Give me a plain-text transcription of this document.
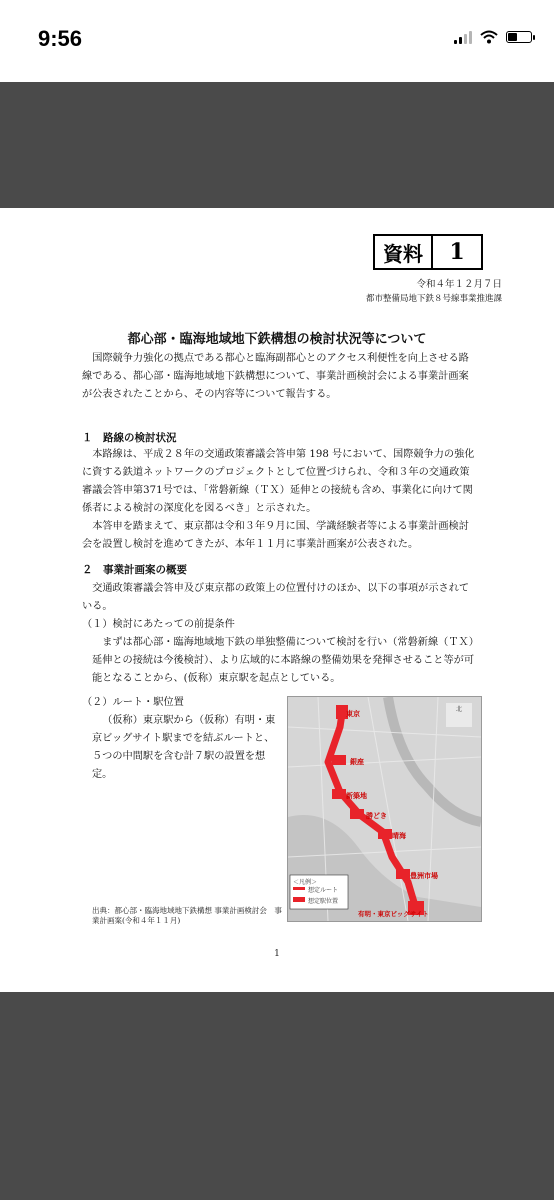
9:56
資料	1
令和４年１２月７日
都市整備局地下鉄８号線事業推進課
都心部・臨海地域地下鉄構想の検討状況等について
国際競争力強化の拠点である都心と臨海副都心とのアクセス利便性を向上させる路線である、都心部・臨海地域地下鉄構想について、事業計画検討会による事業計画案が公表されたことから、その内容等について報告する。
１　路線の検討状況
本路線は、平成２８年の交通政策審議会答申第 198 号において、国際競争力の強化に資する鉄道ネットワークのプロジェクトとして位置づけられ、令和３年の交通政策審議会答申第371号では、「常磐新線（ＴＸ）延伸との接続も含め、事業化に向けて関係者による検討の深度化を図るべき」と示された。
本答申を踏まえて、東京都は令和３年９月に国、学識経験者等による事業計画検討会を設置し検討を進めてきたが、本年１１月に事業計画案が公表された。
２　事業計画案の概要
交通政策審議会答申及び東京都の政策上の位置付けのほか、以下の事項が示されている。
（１）検討にあたっての前提条件
まずは都心部・臨海地域地下鉄の単独整備について検討を行い（常磐新線（ＴＸ）延伸との接続は今後検討）、より広域的に本路線の整備効果を発揮させること等が可能となることから、(仮称）東京駅を起点としている。
（２）ルート・駅位置
（仮称）東京駅から（仮称）有明・東京ビッグサイト駅までを結ぶルートと、５つの中間駅を含む計７駅の設置を想定。
北
東京
銀座
新築地
勝どき
晴海
豊洲市場
有明・東京ビッグサイト
＜凡例＞
想定ルート
想定駅位置
出典：都心部・臨海地域地下鉄構想 事業計画検討会　事業計画案(令和４年１１月)
1
